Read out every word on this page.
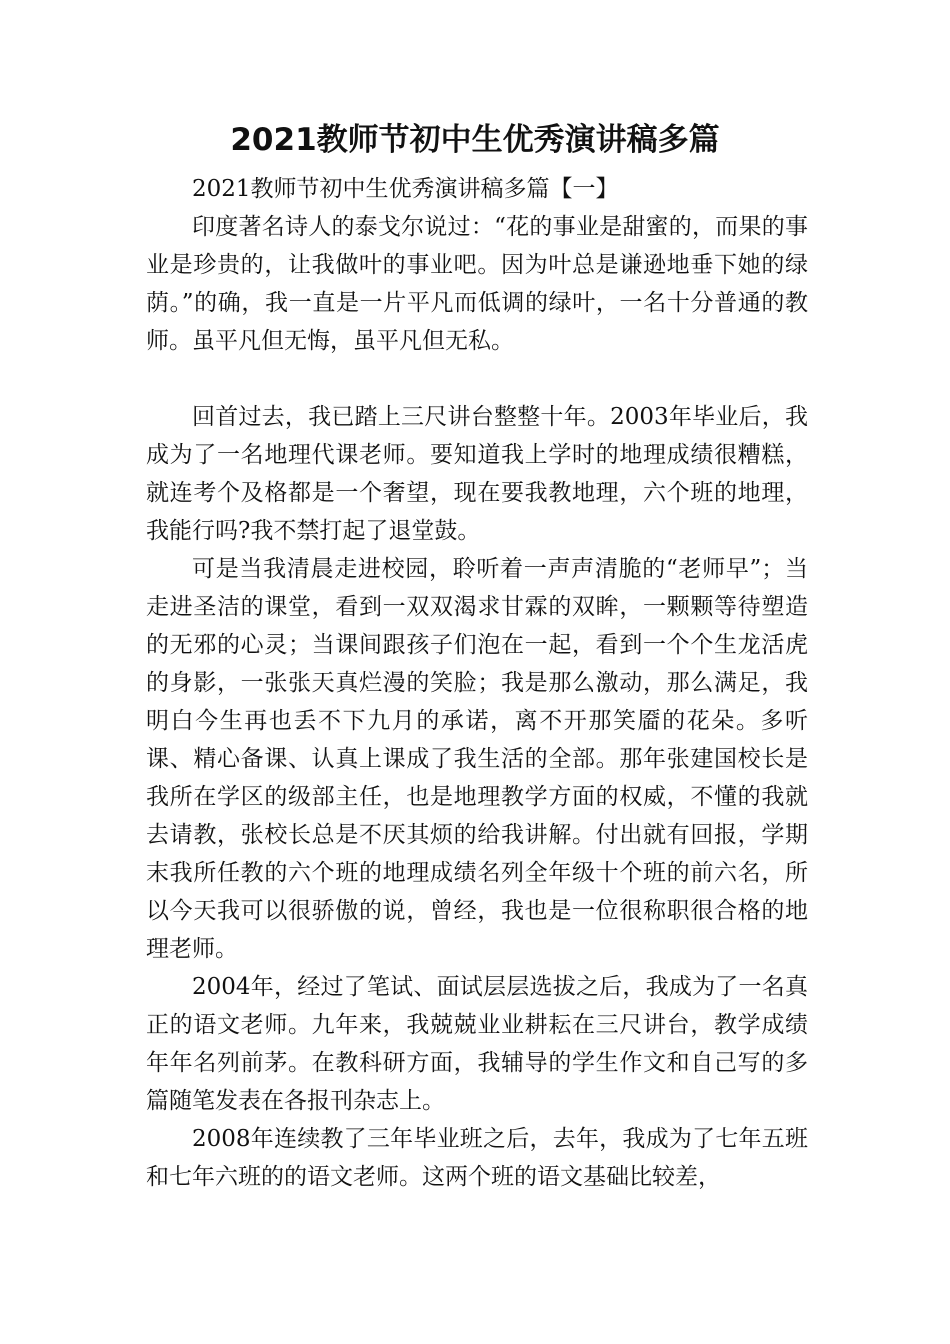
2021教师节初中生优秀演讲稿多篇

2021教师节初中生优秀演讲稿多篇【一】

印度著名诗人的泰戈尔说过：“花的事业是甜蜜的，而果的事业是珍贵的，让我做叶的事业吧。因为叶总是谦逊地垂下她的绿荫。”的确，我一直是一片平凡而低调的绿叶，一名十分普通的教师。虽平凡但无悔，虽平凡但无私。

回首过去，我已踏上三尺讲台整整十年。2003年毕业后，我成为了一名地理代课老师。要知道我上学时的地理成绩很糟糕，就连考个及格都是一个奢望，现在要我教地理，六个班的地理，我能行吗?我不禁打起了退堂鼓。

可是当我清晨走进校园，聆听着一声声清脆的“老师早”；当走进圣洁的课堂，看到一双双渴求甘霖的双眸，一颗颗等待塑造的无邪的心灵；当课间跟孩子们泡在一起，看到一个个生龙活虎的身影，一张张天真烂漫的笑脸；我是那么激动，那么满足，我明白今生再也丢不下九月的承诺，离不开那笑靥的花朵。多听课、精心备课、认真上课成了我生活的全部。那年张建国校长是我所在学区的级部主任，也是地理教学方面的权威，不懂的我就去请教，张校长总是不厌其烦的给我讲解。付出就有回报，学期末我所任教的六个班的地理成绩名列全年级十个班的前六名，所以今天我可以很骄傲的说，曾经，我也是一位很称职很合格的地理老师。

2004年，经过了笔试、面试层层选拔之后，我成为了一名真正的语文老师。九年来，我兢兢业业耕耘在三尺讲台，教学成绩年年名列前茅。在教科研方面，我辅导的学生作文和自己写的多篇随笔发表在各报刊杂志上。

2008年连续教了三年毕业班之后，去年，我成为了七年五班和七年六班的的语文老师。这两个班的语文基础比较差，
